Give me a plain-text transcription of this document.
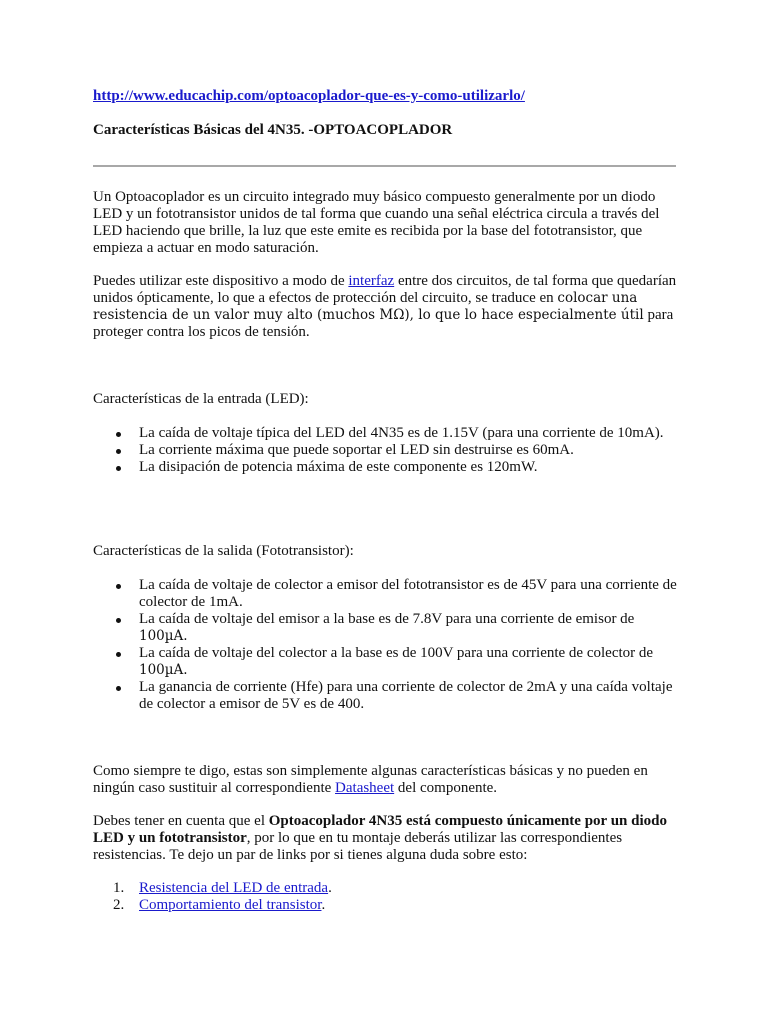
http://www.educachip.com/optoacoplador-que-es-y-como-utilizarlo/

Características Básicas del 4N35. -OPTOACOPLADOR

Un Optoacoplador es un circuito integrado muy básico compuesto generalmente por un diodo LED y un fototransistor unidos de tal forma que cuando una señal eléctrica circula a través del LED haciendo que brille, la luz que este emite es recibida por la base del fototransistor, que empieza a actuar en modo saturación.

Puedes utilizar este dispositivo a modo de interfaz entre dos circuitos, de tal forma que quedarían unidos ópticamente, lo que a efectos de protección del circuito, se traduce en colocar una resistencia de un valor muy alto (muchos MΩ), lo que lo hace especialmente útil para proteger contra los picos de tensión.

Características de la entrada (LED):

La caída de voltaje típica del LED del 4N35 es de 1.15V (para una corriente de 10mA).
La corriente máxima que puede soportar el LED sin destruirse es 60mA.
La disipación de potencia máxima de este componente es 120mW.

Características de la salida (Fototransistor):

La caída de voltaje de colector a emisor del fototransistor es de 45V para una corriente de colector de 1mA.
La caída de voltaje del emisor a la base es de 7.8V para una corriente de emisor de 100µA.
La caída de voltaje del colector a la base es de 100V para una corriente de colector de 100µA.
La ganancia de corriente (Hfe) para una corriente de colector de 2mA y una caída voltaje de colector a emisor de 5V es de 400.

Como siempre te digo, estas son simplemente algunas características básicas y no pueden en ningún caso sustituir al correspondiente Datasheet del componente.

Debes tener en cuenta que el Optoacoplador 4N35 está compuesto únicamente por un diodo LED y un fototransistor, por lo que en tu montaje deberás utilizar las correspondientes resistencias. Te dejo un par de links por si tienes alguna duda sobre esto:

1. Resistencia del LED de entrada.
2. Comportamiento del transistor.
